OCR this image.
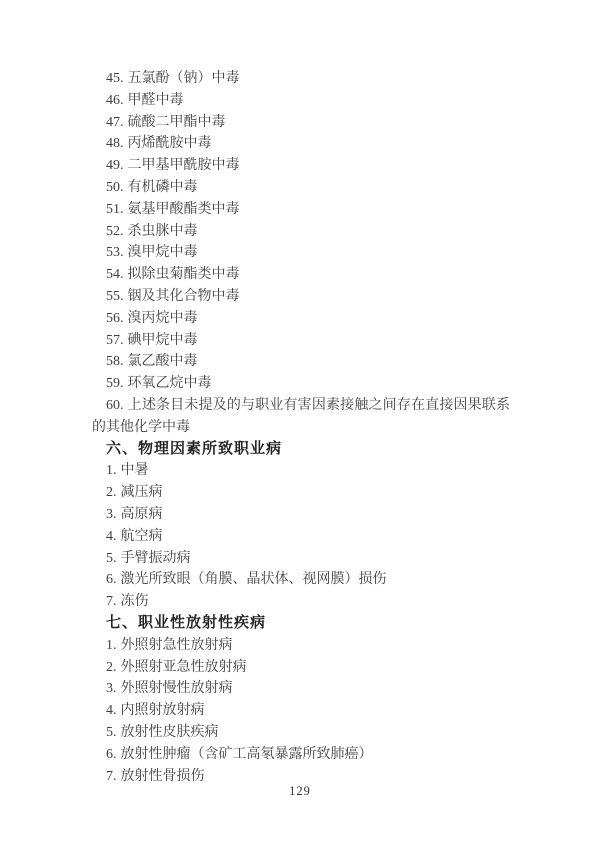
45. 五氯酚（钠）中毒

46. 甲醛中毒

47. 硫酸二甲酯中毒

48. 丙烯酰胺中毒

49. 二甲基甲酰胺中毒

50. 有机磷中毒

51. 氨基甲酸酯类中毒

52. 杀虫脒中毒

53. 溴甲烷中毒

54. 拟除虫菊酯类中毒

55. 铟及其化合物中毒

56. 溴丙烷中毒

57. 碘甲烷中毒

58. 氯乙酸中毒

59. 环氧乙烷中毒

60. 上述条目未提及的与职业有害因素接触之间存在直接因果联系的其他化学中毒

六、物理因素所致职业病

1. 中暑

2. 减压病

3. 高原病

4. 航空病

5. 手臂振动病

6. 激光所致眼（角膜、晶状体、视网膜）损伤

7. 冻伤

七、职业性放射性疾病

1. 外照射急性放射病

2. 外照射亚急性放射病

3. 外照射慢性放射病

4. 内照射放射病

5. 放射性皮肤疾病

6. 放射性肿瘤（含矿工高氡暴露所致肺癌）

7. 放射性骨损伤

129
